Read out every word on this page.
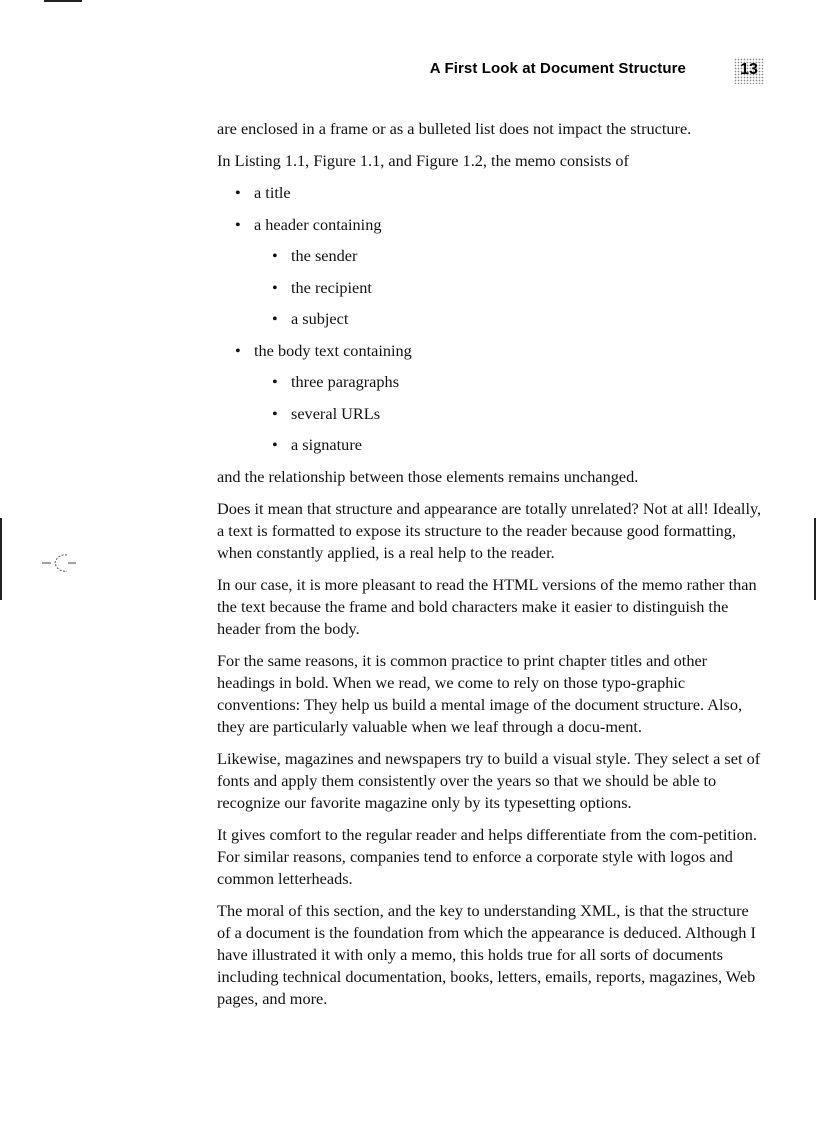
A First Look at Document Structure	13

are enclosed in a frame or as a bulleted list does not impact the structure.

In Listing 1.1, Figure 1.1, and Figure 1.2, the memo consists of

• a title
• a header containing
• the sender
• the recipient
• a subject
• the body text containing
• three paragraphs
• several URLs
• a signature

and the relationship between those elements remains unchanged.

Does it mean that structure and appearance are totally unrelated? Not at all! Ideally, a text is formatted to expose its structure to the reader because good formatting, when constantly applied, is a real help to the reader.

In our case, it is more pleasant to read the HTML versions of the memo rather than the text because the frame and bold characters make it easier to distinguish the header from the body.

For the same reasons, it is common practice to print chapter titles and other headings in bold. When we read, we come to rely on those typo-graphic conventions: They help us build a mental image of the document structure. Also, they are particularly valuable when we leaf through a docu-ment.

Likewise, magazines and newspapers try to build a visual style. They select a set of fonts and apply them consistently over the years so that we should be able to recognize our favorite magazine only by its typesetting options.

It gives comfort to the regular reader and helps differentiate from the com-petition. For similar reasons, companies tend to enforce a corporate style with logos and common letterheads.

The moral of this section, and the key to understanding XML, is that the structure of a document is the foundation from which the appearance is deduced. Although I have illustrated it with only a memo, this holds true for all sorts of documents including technical documentation, books, letters, emails, reports, magazines, Web pages, and more.
